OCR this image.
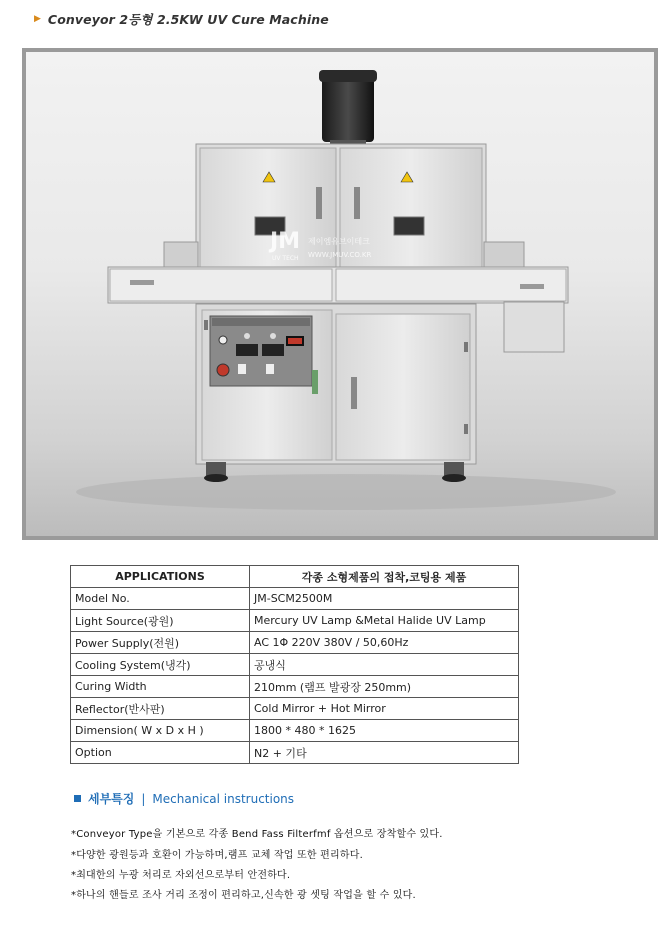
▶ Conveyor 2등형 2.5KW UV Cure Machine
JM
UV TECH
제이엠유브이테크
WWW.JMUV.CO.KR
APPLICATIONS	각종 소형제품의 접착,코팅용 제품
Model No.	JM-SCM2500M
Light Source(광원)	Mercury UV Lamp &Metal Halide UV Lamp
Power Supply(전원)	AC 1Φ 220V 380V / 50,60Hz
Cooling System(냉각)	공냉식
Curing Width	210mm (램프 발광장 250mm)
Reflector(반사판)	Cold Mirror + Hot Mirror
Dimension( W x D x H )	1800 * 480 * 1625
Option	N2 + 기타
세부특징 | Mechanical instructions
*Conveyor Type을 기본으로 각종 Bend Fass Filterfmf 옵션으로 장착할수 있다.
*다양한 광원등과 호환이 가능하며,램프 교체 작업 또한 편리하다.
*최대한의 누광 처리로 자외선으로부터 안전하다.
*하나의 핸들로 조사 거리 조정이 편리하고,신속한 광 셋팅 작업을 할 수 있다.
